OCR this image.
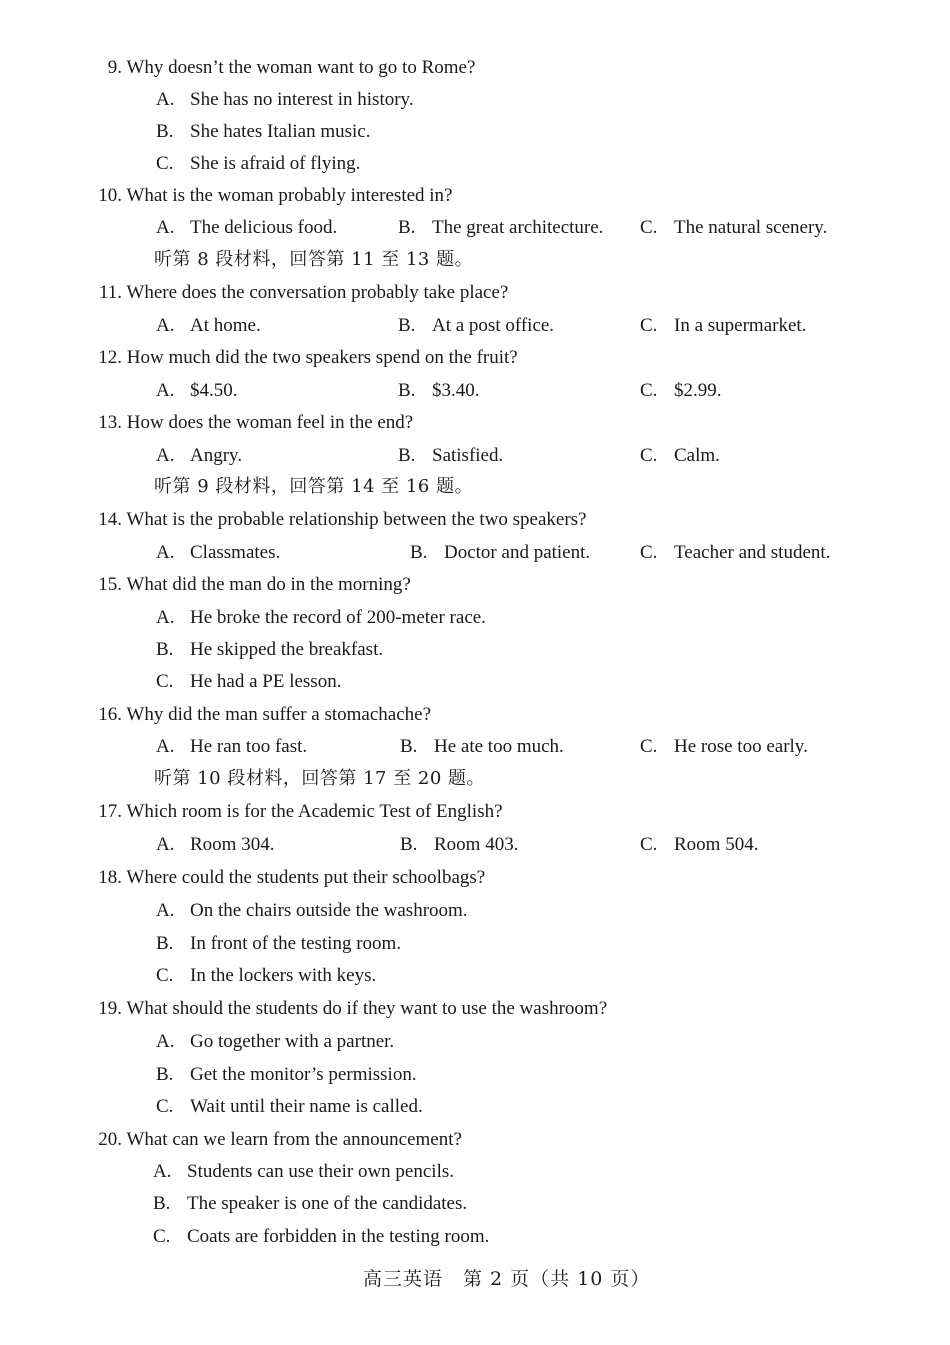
9. Why doesn’t the woman want to go to Rome?
A. She has no interest in history.
B. She hates Italian music.
C. She is afraid of flying.
10. What is the woman probably interested in?
A. The delicious food.	B. The great architecture. C. The natural scenery.
听第 8 段材料，回答第 11 至 13 题。
11. Where does the conversation probably take place?
A. At home.	B. At a post office.	C. In a supermarket.
12. How much did the two speakers spend on the fruit?
A. $4.50.	B. $3.40.	C. $2.99.
13. How does the woman feel in the end?
A. Angry.	B. Satisfied.	C. Calm.
听第 9 段材料，回答第 14 至 16 题。
14. What is the probable relationship between the two speakers?
A. Classmates.	B. Doctor and patient.	C. Teacher and student.
15. What did the man do in the morning?
A. He broke the record of 200-meter race.
B. He skipped the breakfast.
C. He had a PE lesson.
16. Why did the man suffer a stomachache?
A. He ran too fast.	B. He ate too much.	C. He rose too early.
听第 10 段材料，回答第 17 至 20 题。
17. Which room is for the Academic Test of English?
A. Room 304.	B. Room 403.	C. Room 504.
18. Where could the students put their schoolbags?
A. On the chairs outside the washroom.
B. In front of the testing room.
C. In the lockers with keys.
19. What should the students do if they want to use the washroom?
A. Go together with a partner.
B. Get the monitor’s permission.
C. Wait until their name is called.
20. What can we learn from the announcement?
A. Students can use their own pencils.
B. The speaker is one of the candidates.
C. Coats are forbidden in the testing room.
高三英语　第 2 页（共 10 页）
